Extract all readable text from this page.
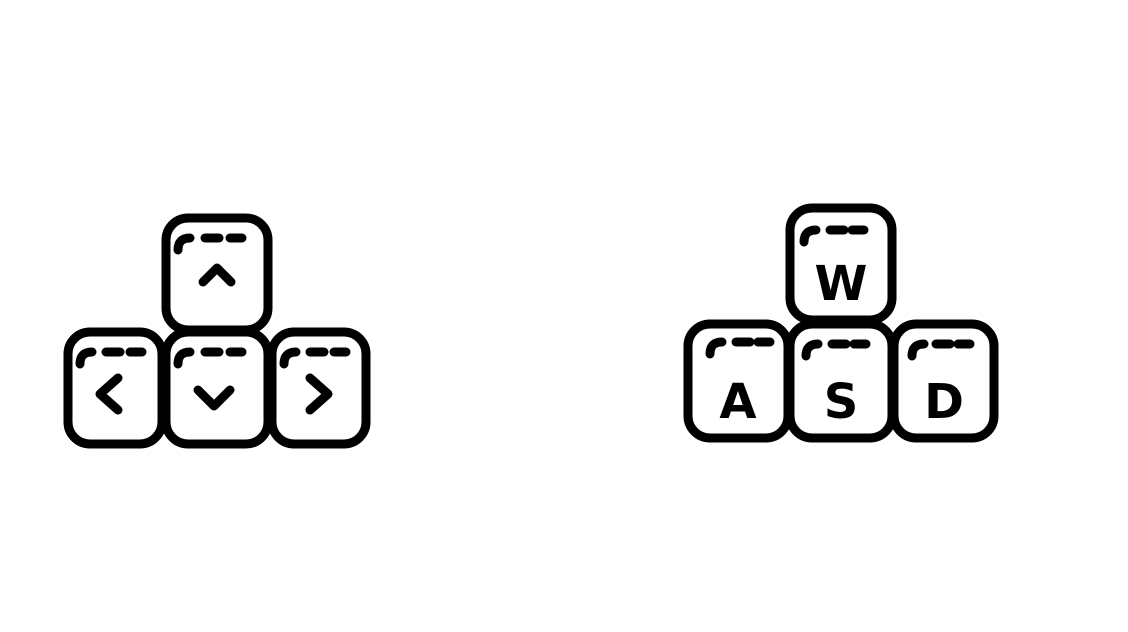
W
A S D
